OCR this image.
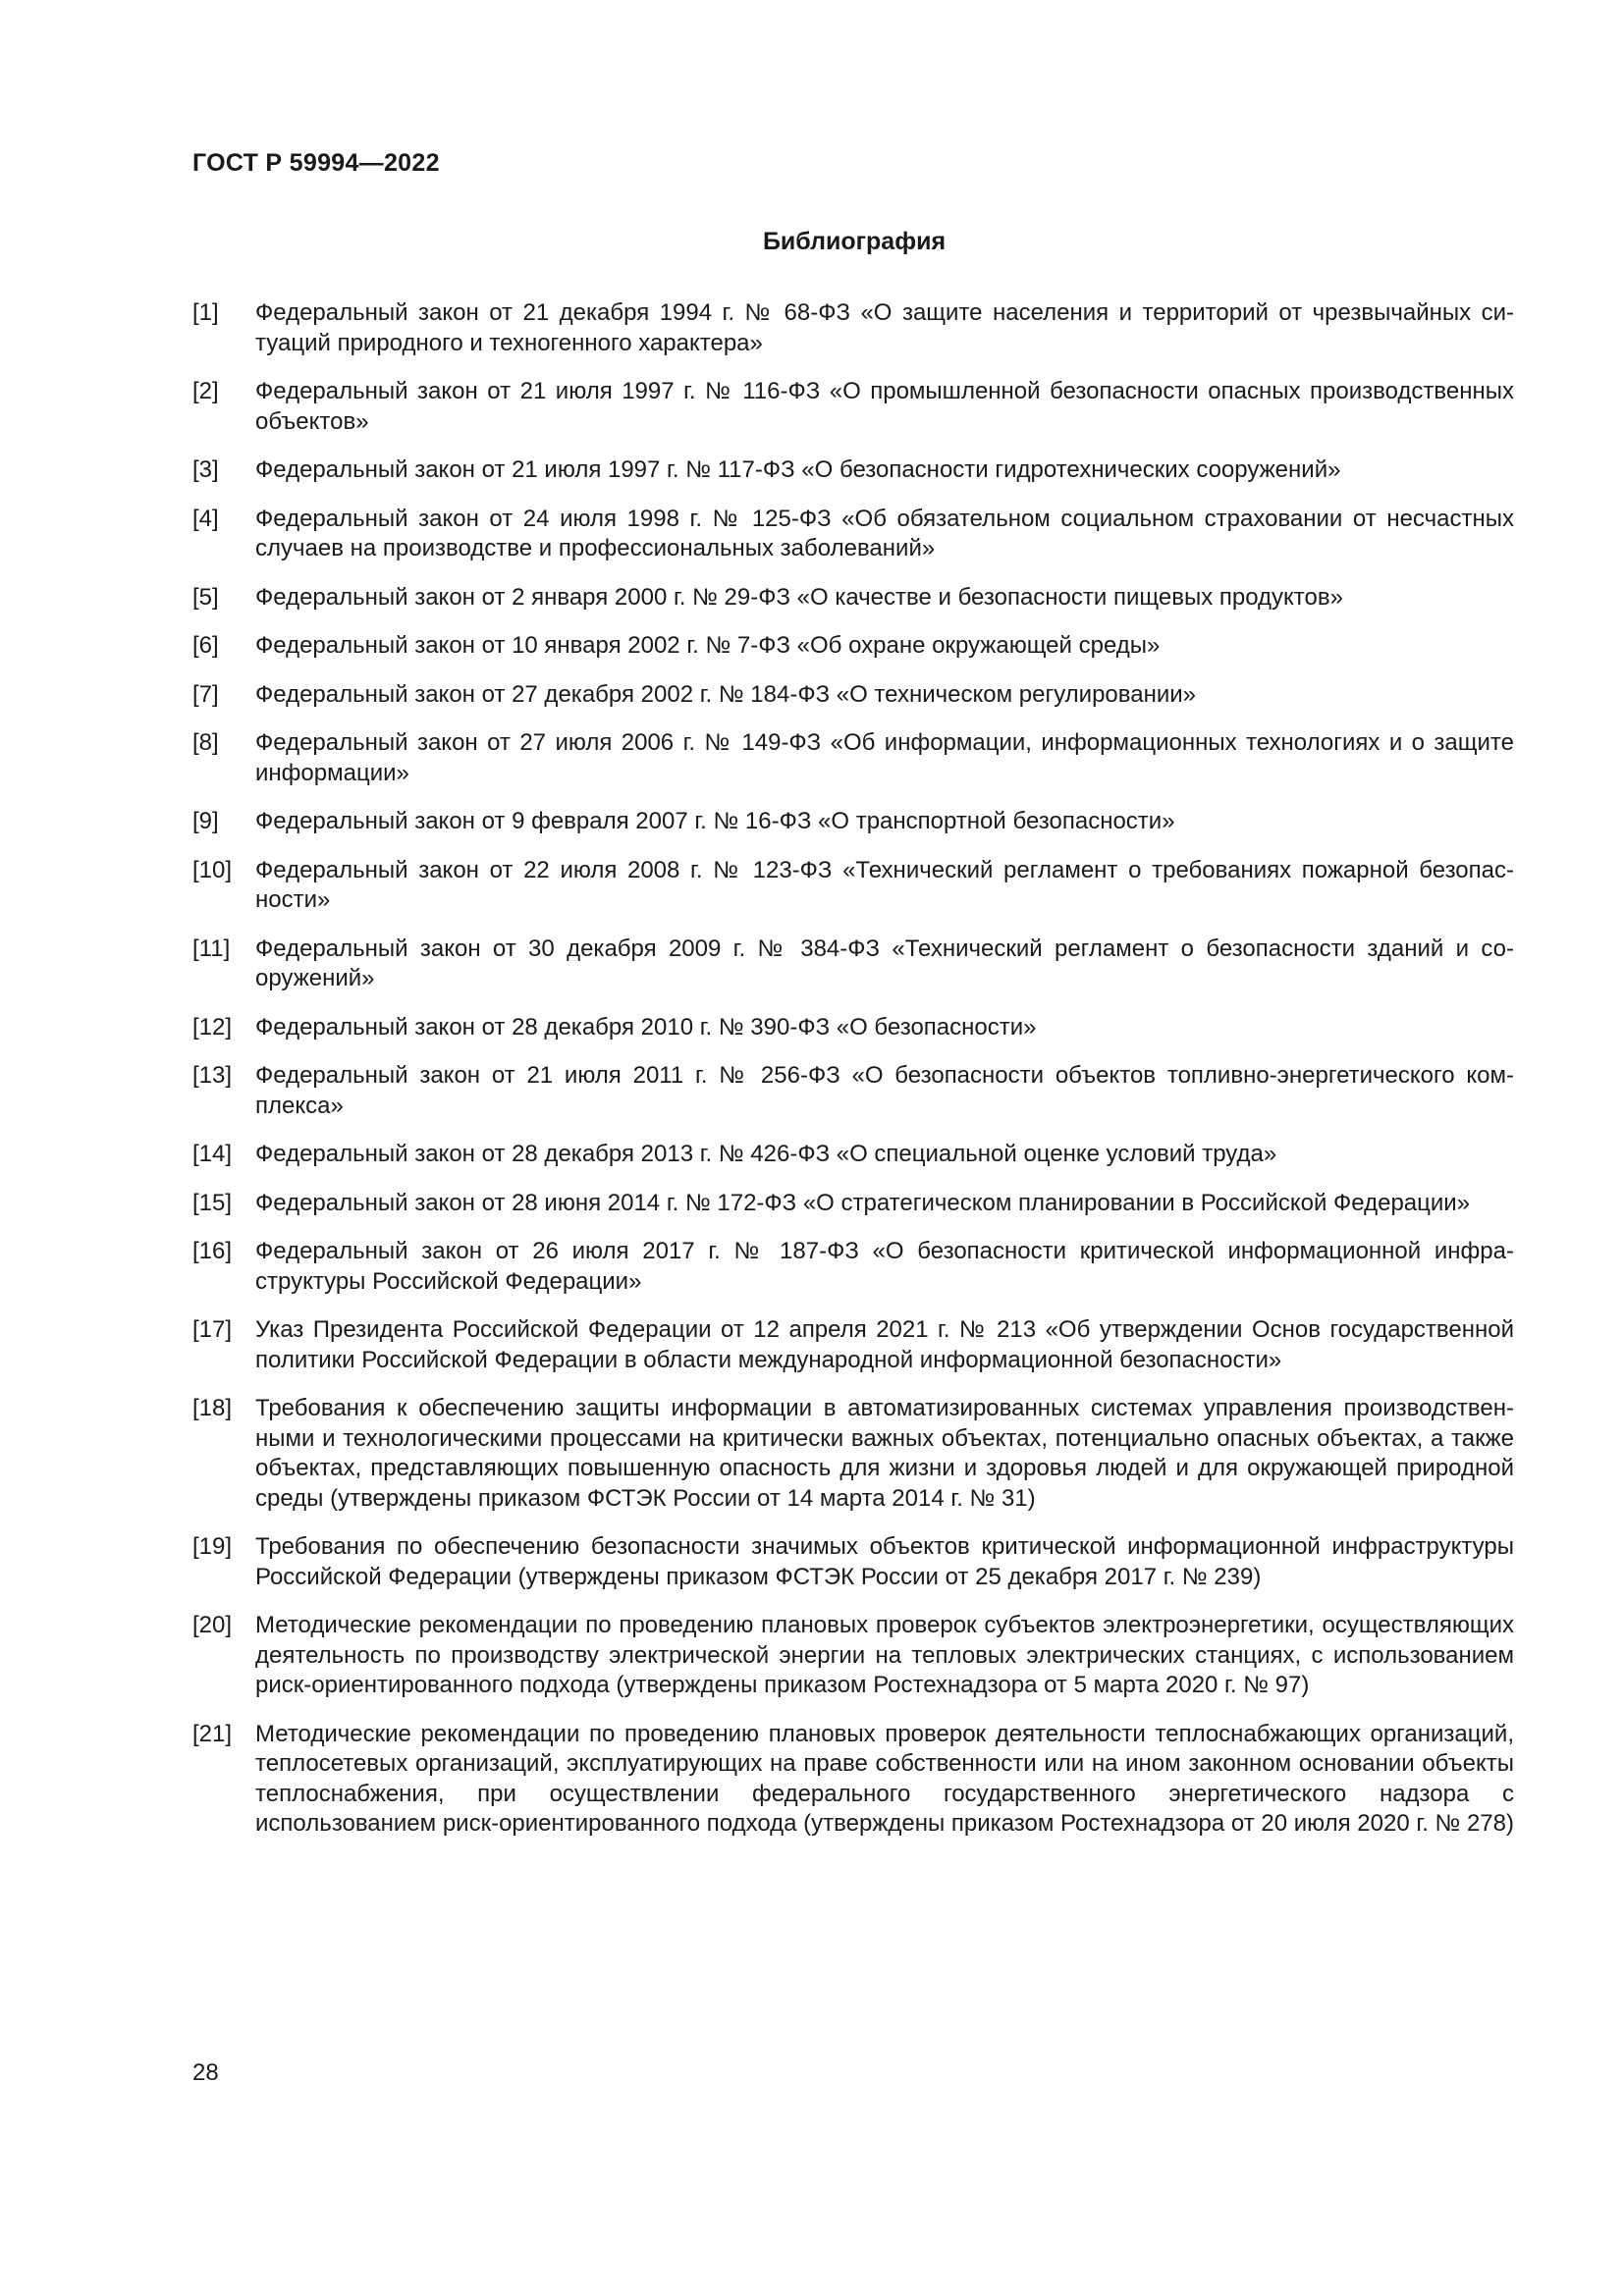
ГОСТ Р 59994—2022
Библиография
[1]	Федеральный закон от 21 декабря 1994 г. № 68-ФЗ «О защите населения и территорий от чрезвычайных ситуаций природного и техногенного характера»
[2]	Федеральный закон от 21 июля 1997 г. № 116-ФЗ «О промышленной безопасности опасных производственных объектов»
[3]	Федеральный закон от 21 июля 1997 г. № 117-ФЗ «О безопасности гидротехнических сооружений»
[4]	Федеральный закон от 24 июля 1998 г. № 125-ФЗ «Об обязательном социальном страховании от несчастных случаев на производстве и профессиональных заболеваний»
[5]	Федеральный закон от 2 января 2000 г. № 29-ФЗ «О качестве и безопасности пищевых продуктов»
[6]	Федеральный закон от 10 января 2002 г. № 7-ФЗ «Об охране окружающей среды»
[7]	Федеральный закон от 27 декабря 2002 г. № 184-ФЗ «О техническом регулировании»
[8]	Федеральный закон от 27 июля 2006 г. № 149-ФЗ «Об информации, информационных технологиях и о защите информации»
[9]	Федеральный закон от 9 февраля 2007 г. № 16-ФЗ «О транспортной безопасности»
[10] Федеральный закон от 22 июля 2008 г. № 123-ФЗ «Технический регламент о требованиях пожарной безопасности»
[11]	Федеральный закон от 30 декабря 2009 г. № 384-ФЗ «Технический регламент о безопасности зданий и сооружений»
[12] Федеральный закон от 28 декабря 2010 г. № 390-ФЗ «О безопасности»
[13] Федеральный закон от 21 июля 2011 г. № 256-ФЗ «О безопасности объектов топливно-энергетического комплекса»
[14] Федеральный закон от 28 декабря 2013 г. № 426-ФЗ «О специальной оценке условий труда»
[15] Федеральный закон от 28 июня 2014 г. № 172-ФЗ «О стратегическом планировании в Российской Федерации»
[16] Федеральный закон от 26 июля 2017 г. № 187-ФЗ «О безопасности критической информационной инфраструктуры Российской Федерации»
[17] Указ Президента Российской Федерации от 12 апреля 2021 г. № 213 «Об утверждении Основ государственной политики Российской Федерации в области международной информационной безопасности»
[18] Требования к обеспечению защиты информации в автоматизированных системах управления производственными и технологическими процессами на критически важных объектах, потенциально опасных объектах, а также объектах, представляющих повышенную опасность для жизни и здоровья людей и для окружающей природной среды (утверждены приказом ФСТЭК России от 14 марта 2014 г. № 31)
[19] Требования по обеспечению безопасности значимых объектов критической информационной инфраструктуры Российской Федерации (утверждены приказом ФСТЭК России от 25 декабря 2017 г. № 239)
[20] Методические рекомендации по проведению плановых проверок субъектов электроэнергетики, осуществляющих деятельность по производству электрической энергии на тепловых электрических станциях, с использованием риск-ориентированного подхода (утверждены приказом Ростехнадзора от 5 марта 2020 г. № 97)
[21] Методические рекомендации по проведению плановых проверок деятельности теплоснабжающих организаций, теплосетевых организаций, эксплуатирующих на праве собственности или на ином законном основании объекты теплоснабжения, при осуществлении федерального государственного энергетического надзора с использованием риск-ориентированного подхода (утверждены приказом Ростехнадзора от 20 июля 2020 г. № 278)
28
